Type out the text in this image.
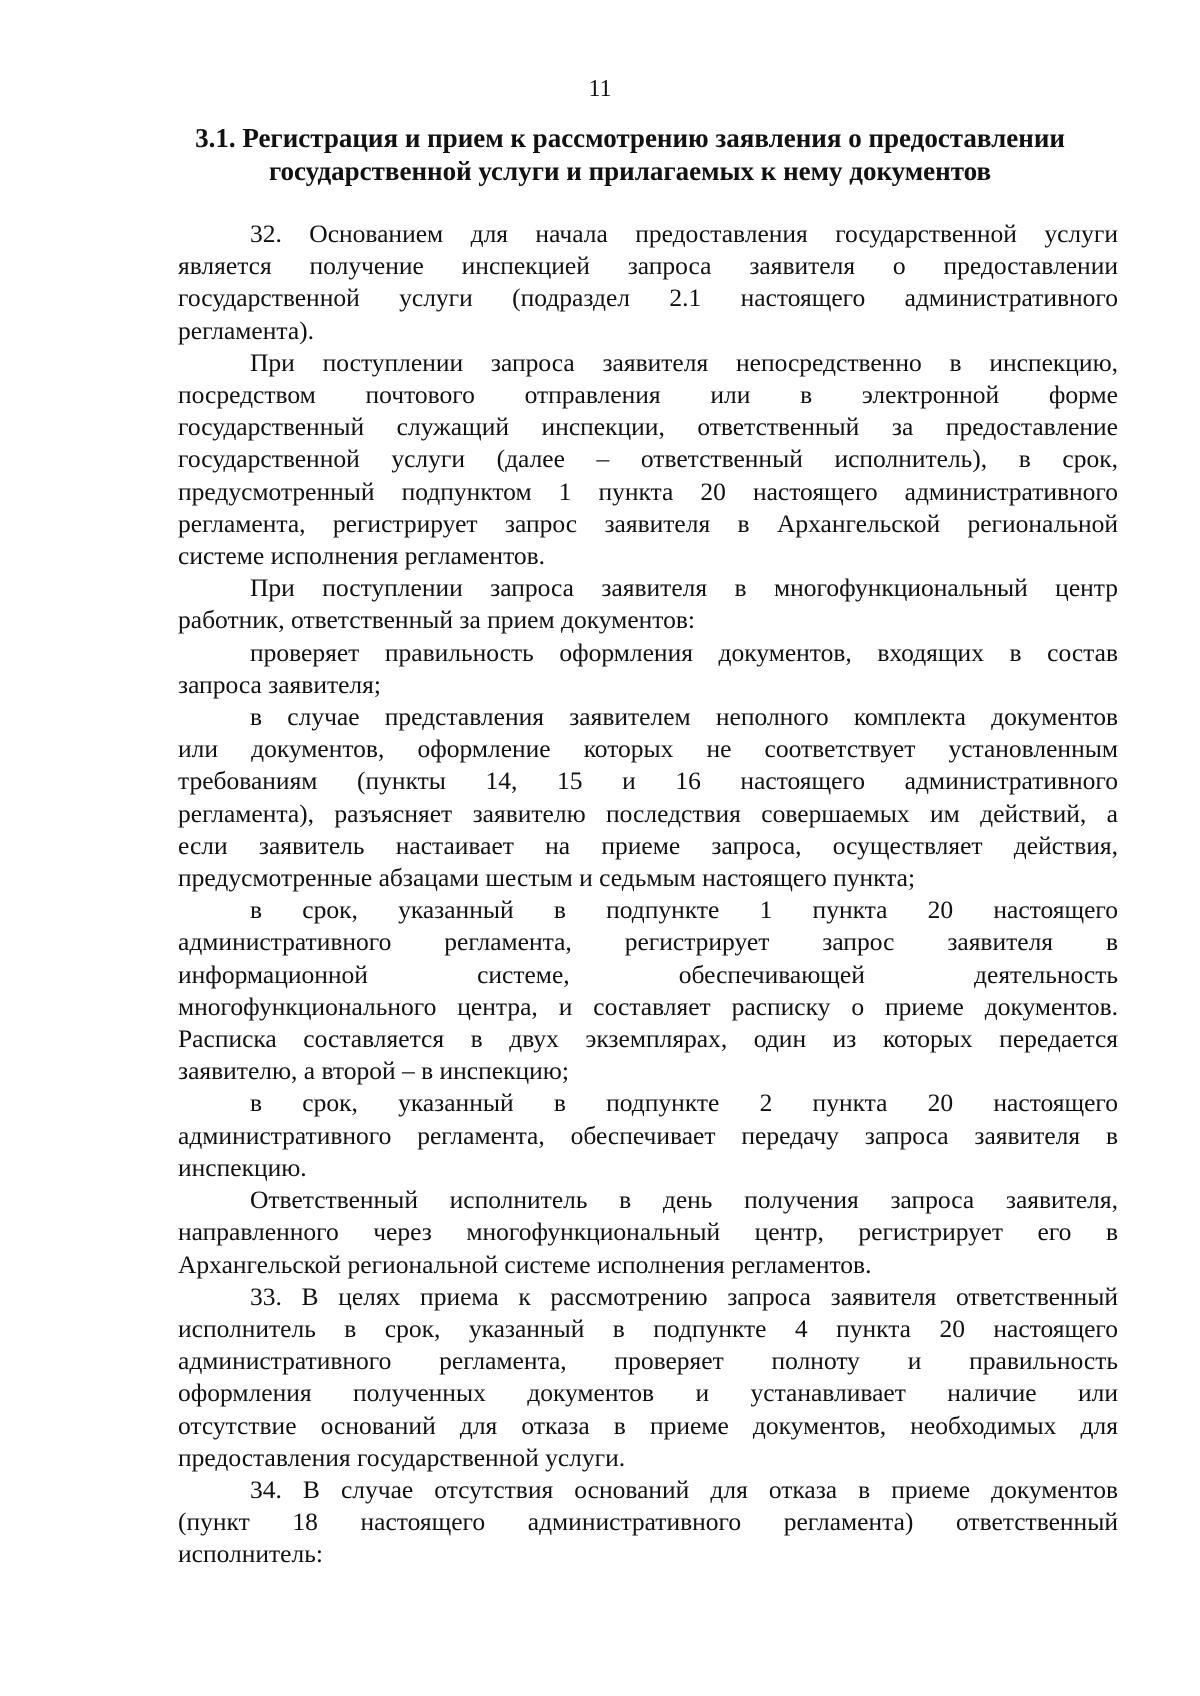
11
3.1. Регистрация и прием к рассмотрению заявления о предоставлении
государственной услуги и прилагаемых к нему документов

32. Основанием для начала предоставления государственной услуги
является получение инспекцией запроса заявителя о предоставлении
государственной услуги (подраздел 2.1 настоящего административного
регламента).

При поступлении запроса заявителя непосредственно в инспекцию,
посредством почтового отправления или в электронной форме
государственный служащий инспекции, ответственный за предоставление
государственной услуги (далее – ответственный исполнитель), в срок,
предусмотренный подпунктом 1 пункта 20 настоящего административного
регламента, регистрирует запрос заявителя в Архангельской региональной
системе исполнения регламентов.

При поступлении запроса заявителя в многофункциональный центр
работник, ответственный за прием документов:

проверяет правильность оформления документов, входящих в состав
запроса заявителя;

в случае представления заявителем неполного комплекта документов
или документов, оформление которых не соответствует установленным
требованиям (пункты 14, 15 и 16 настоящего административного
регламента), разъясняет заявителю последствия совершаемых им действий, а
если заявитель настаивает на приеме запроса, осуществляет действия,
предусмотренные абзацами шестым и седьмым настоящего пункта;

в срок, указанный в подпункте 1 пункта 20 настоящего
административного регламента, регистрирует запрос заявителя в
информационной системе, обеспечивающей деятельность
многофункционального центра, и составляет расписку о приеме документов.
Расписка составляется в двух экземплярах, один из которых передается
заявителю, а второй – в инспекцию;

в срок, указанный в подпункте 2 пункта 20 настоящего
административного регламента, обеспечивает передачу запроса заявителя в
инспекцию.

Ответственный исполнитель в день получения запроса заявителя,
направленного через многофункциональный центр, регистрирует его в
Архангельской региональной системе исполнения регламентов.

33. В целях приема к рассмотрению запроса заявителя ответственный
исполнитель в срок, указанный в подпункте 4 пункта 20 настоящего
административного регламента, проверяет полноту и правильность
оформления полученных документов и устанавливает наличие или
отсутствие оснований для отказа в приеме документов, необходимых для
предоставления государственной услуги.

34. В случае отсутствия оснований для отказа в приеме документов
(пункт 18 настоящего административного регламента) ответственный
исполнитель:
